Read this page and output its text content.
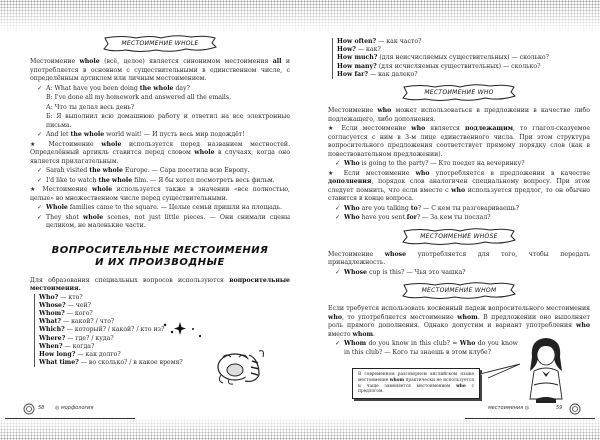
МЕСТОИМЕНИЕ WHOLE

Местоимение whole (всё, целое) является синонимом местоимения all и употребляется в основном с существительными в единственном числе, с определённым артиклем или личным местоимением.

✓ A: What have you been doing the whole day?
B: I've done all my homework and answered all the emails.
А: Что ты делал весь день?
Б: Я выполнил всю домашнюю работу и ответил на все электронные письма.
✓ And let the whole world wait! — И пусть весь мир подождёт!

★ Местоимение whole используется перед названием местностей. Определённый артикль ставится перед словом whole в случаях, когда оно является прилагательным.

✓ Sarah visited the whole Europe. — Сара посетила всю Европу.
✓ I'd like to watch the whole film. — Я бы хотел посмотреть весь фильм.

★ Местоимение whole используется также в значении «все полностью, целые» во множественном числе перед существительными.

✓ Whole families came to the square. — Целые семьи пришли на площадь.
✓ They shot whole scenes, not just little pieces. — Они снимали сцены целиком, не маленькие части.
ВОПРОСИТЕЛЬНЫЕ МЕСТОИМЕНИЯ
И ИХ ПРОИЗВОДНЫЕ

Для образования специальных вопросов используются вопросительные местоимения.

Who? — кто?
Whose? — чей?
Whom? — кого?
What? — какой? / что?
Which? — который? / какой? / кто из?
Where? — где? / куда?
When? — когда?
How long? — как долго?
What time? — во сколько? / в какое время?
How often? — как часто?
How? — как?
How much? (для неисчисляемых существительных) — сколько?
How many? (для исчисляемых существительных) — сколько?
How far? — как далеко?
МЕСТОИМЕНИЕ WHO

Местоимение who может использоваться в предложении в качестве либо подлежащего, либо дополнения.

★ Если местоимение who является подлежащим, то глагол-сказуемое согласуется с ним в 3-м лице единственного числа. При этом структура вопросительного предложения соответствует прямому порядку слов (как в повествовательном предложении).

✓ Who is going to the party? — Кто поедет на вечеринку?

★ Если местоимение who употребляется в предложении в качестве дополнения, порядок слов аналогичен специальному вопросу. При этом следует помнить, что если вместе с who используется предлог, то он обычно ставится в конце вопроса.

✓ Who are you talking to? — С кем ты разговариваешь?
✓ Who have you sent for? — За кем ты послал?
МЕСТОИМЕНИЕ WHOSE

Местоимение whose употребляется для того, чтобы передать принадлежность.

✓ Whose cup is this? — Чья это чашка?
МЕСТОИМЕНИЕ WHOM

Если требуется использовать косвенный падеж вопросительного местоимения who, то употребляется местоимение whom. В предложении оно выполняет роль прямого дополнения. Однако допустим и вариант употребления who вместо whom.

✓ Whom do you know in this club? = Who do you know in this club? — Кого ты знаешь в этом клубе?
В современном разговорном английском языке местоимение whom практически не используется и чаще заменяется местоимением who с предлогом.
58 ◎ морфология	местоимения ◎	59
